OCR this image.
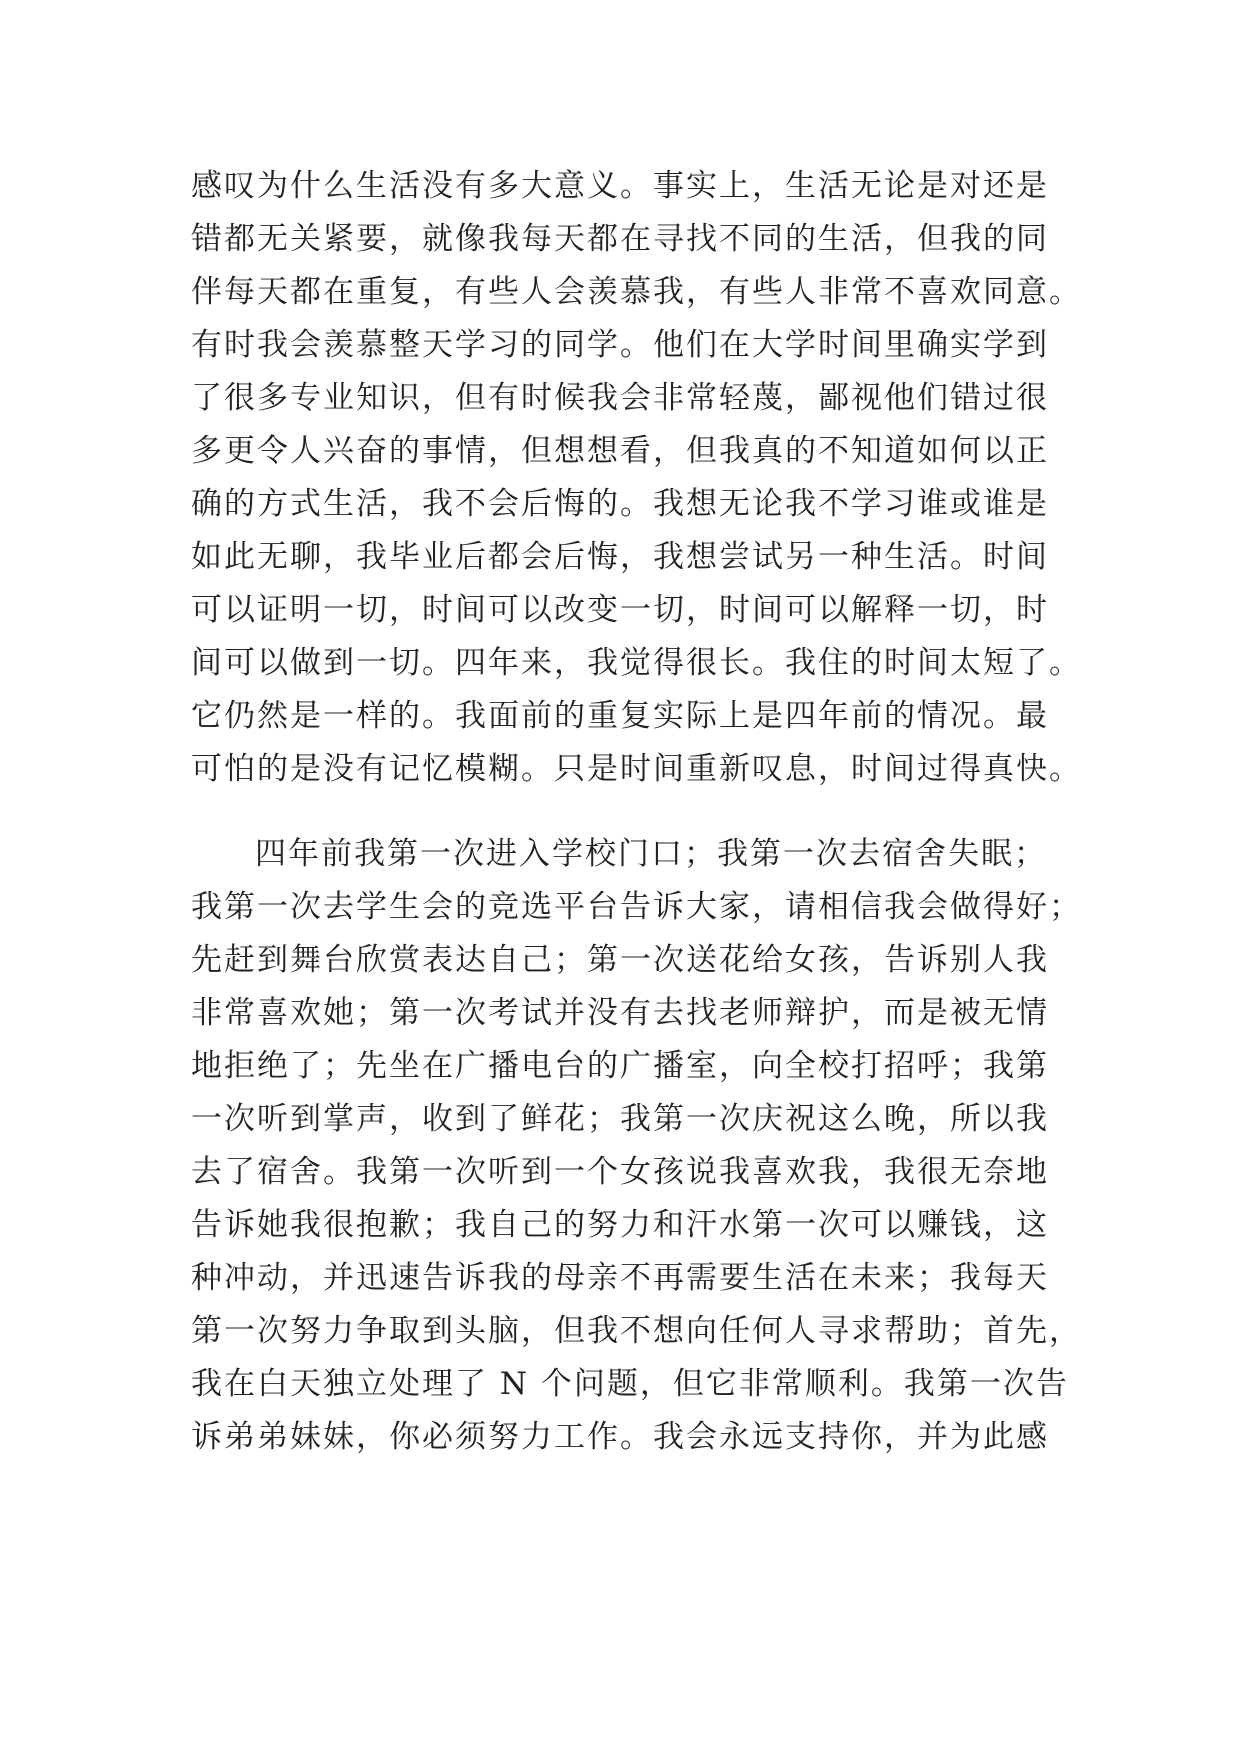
感叹为什么生活没有多大意义。事实上，生活无论是对还是
错都无关紧要，就像我每天都在寻找不同的生活，但我的同
伴每天都在重复，有些人会羡慕我，有些人非常不喜欢同意。
有时我会羡慕整天学习的同学。他们在大学时间里确实学到
了很多专业知识，但有时候我会非常轻蔑，鄙视他们错过很
多更令人兴奋的事情，但想想看，但我真的不知道如何以正
确的方式生活，我不会后悔的。我想无论我不学习谁或谁是
如此无聊，我毕业后都会后悔，我想尝试另一种生活。时间
可以证明一切，时间可以改变一切，时间可以解释一切，时
间可以做到一切。四年来，我觉得很长。我住的时间太短了。
它仍然是一样的。我面前的重复实际上是四年前的情况。最
可怕的是没有记忆模糊。只是时间重新叹息，时间过得真快。
四年前我第一次进入学校门口；我第一次去宿舍失眠；
我第一次去学生会的竞选平台告诉大家，请相信我会做得好；
先赶到舞台欣赏表达自己；第一次送花给女孩，告诉别人我
非常喜欢她；第一次考试并没有去找老师辩护，而是被无情
地拒绝了；先坐在广播电台的广播室，向全校打招呼；我第
一次听到掌声，收到了鲜花；我第一次庆祝这么晚，所以我
去了宿舍。我第一次听到一个女孩说我喜欢我，我很无奈地
告诉她我很抱歉；我自己的努力和汗水第一次可以赚钱，这
种冲动，并迅速告诉我的母亲不再需要生活在未来；我每天
第一次努力争取到头脑，但我不想向任何人寻求帮助；首先，
我在白天独立处理了 N 个问题，但它非常顺利。我第一次告
诉弟弟妹妹，你必须努力工作。我会永远支持你，并为此感
